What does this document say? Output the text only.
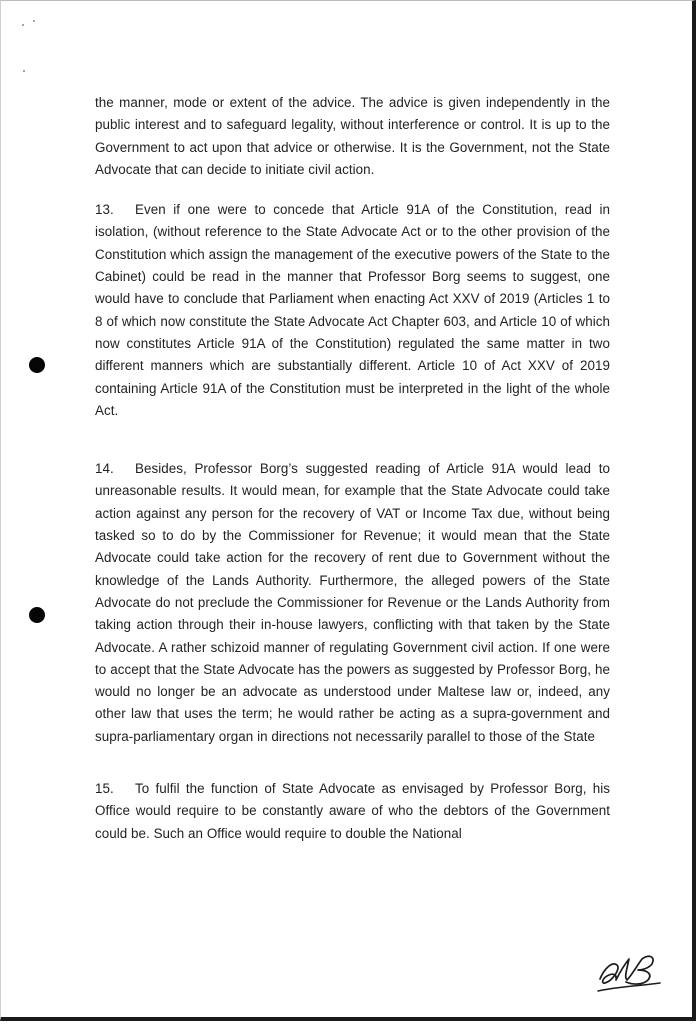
the manner, mode or extent of the advice. The advice is given independently in the public interest and to safeguard legality, without interference or control. It is up to the Government to act upon that advice or otherwise. It is the Government, not the State Advocate that can decide to initiate civil action.

13. Even if one were to concede that Article 91A of the Constitution, read in isolation, (without reference to the State Advocate Act or to the other provision of the Constitution which assign the management of the executive powers of the State to the Cabinet) could be read in the manner that Professor Borg seems to suggest, one would have to conclude that Parliament when enacting Act XXV of 2019 (Articles 1 to 8 of which now constitute the State Advocate Act Chapter 603, and Article 10 of which now constitutes Article 91A of the Constitution) regulated the same matter in two different manners which are substantially different. Article 10 of Act XXV of 2019 containing Article 91A of the Constitution must be interpreted in the light of the whole Act.

14. Besides, Professor Borg’s suggested reading of Article 91A would lead to unreasonable results. It would mean, for example that the State Advocate could take action against any person for the recovery of VAT or Income Tax due, without being tasked so to do by the Commissioner for Revenue; it would mean that the State Advocate could take action for the recovery of rent due to Government without the knowledge of the Lands Authority. Furthermore, the alleged powers of the State Advocate do not preclude the Commissioner for Revenue or the Lands Authority from taking action through their in-house lawyers, conflicting with that taken by the State Advocate. A rather schizoid manner of regulating Government civil action. If one were to accept that the State Advocate has the powers as suggested by Professor Borg, he would no longer be an advocate as understood under Maltese law or, indeed, any other law that uses the term; he would rather be acting as a supra-government and supra-parliamentary organ in directions not necessarily parallel to those of the State

15. To fulfil the function of State Advocate as envisaged by Professor Borg, his Office would require to be constantly aware of who the debtors of the Government could be. Such an Office would require to double the National
